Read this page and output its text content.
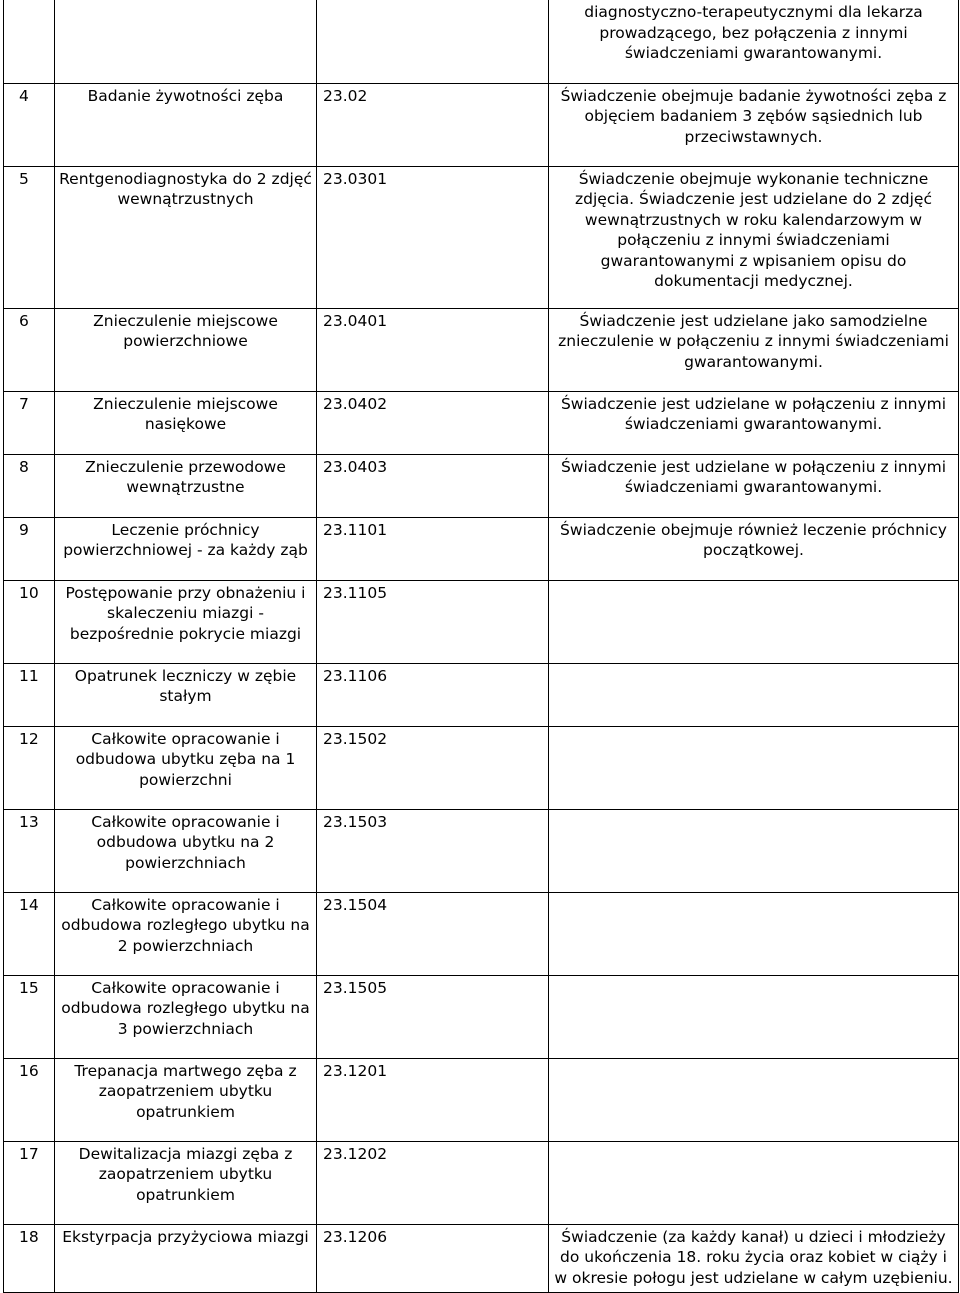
			diagnostyczno-terapeutycznymi dla lekarza prowadzącego, bez połączenia z innymi świadczeniami gwarantowanymi.
4	Badanie żywotności zęba	23.02	Świadczenie obejmuje badanie żywotności zęba z objęciem badaniem 3 zębów sąsiednich lub przeciwstawnych.
5	Rentgenodiagnostyka do 2 zdjęć wewnątrzustnych	23.0301	Świadczenie obejmuje wykonanie techniczne zdjęcia. Świadczenie jest udzielane do 2 zdjęć wewnątrzustnych w roku kalendarzowym w połączeniu z innymi świadczeniami gwarantowanymi z wpisaniem opisu do dokumentacji medycznej.
6	Znieczulenie miejscowe powierzchniowe	23.0401	Świadczenie jest udzielane jako samodzielne znieczulenie w połączeniu z innymi świadczeniami gwarantowanymi.
7	Znieczulenie miejscowe nasiękowe	23.0402	Świadczenie jest udzielane w połączeniu z innymi świadczeniami gwarantowanymi.
8	Znieczulenie przewodowe wewnątrzustne	23.0403	Świadczenie jest udzielane w połączeniu z innymi świadczeniami gwarantowanymi.
9	Leczenie próchnicy powierzchniowej - za każdy ząb	23.1101	Świadczenie obejmuje również leczenie próchnicy początkowej.
10	Postępowanie przy obnażeniu i skaleczeniu miazgi - bezpośrednie pokrycie miazgi	23.1105	
11	Opatrunek leczniczy w zębie stałym	23.1106	
12	Całkowite opracowanie i odbudowa ubytku zęba na 1 powierzchni	23.1502	
13	Całkowite opracowanie i odbudowa ubytku na 2 powierzchniach	23.1503	
14	Całkowite opracowanie i odbudowa rozległego ubytku na 2 powierzchniach	23.1504	
15	Całkowite opracowanie i odbudowa rozległego ubytku na 3 powierzchniach	23.1505	
16	Trepanacja martwego zęba z zaopatrzeniem ubytku opatrunkiem	23.1201	
17	Dewitalizacja miazgi zęba z zaopatrzeniem ubytku opatrunkiem	23.1202	
18	Ekstyrpacja przyżyciowa miazgi	23.1206	Świadczenie (za każdy kanał) u dzieci i młodzieży do ukończenia 18. roku życia oraz kobiet w ciąży i w okresie połogu jest udzielane w całym uzębieniu.
